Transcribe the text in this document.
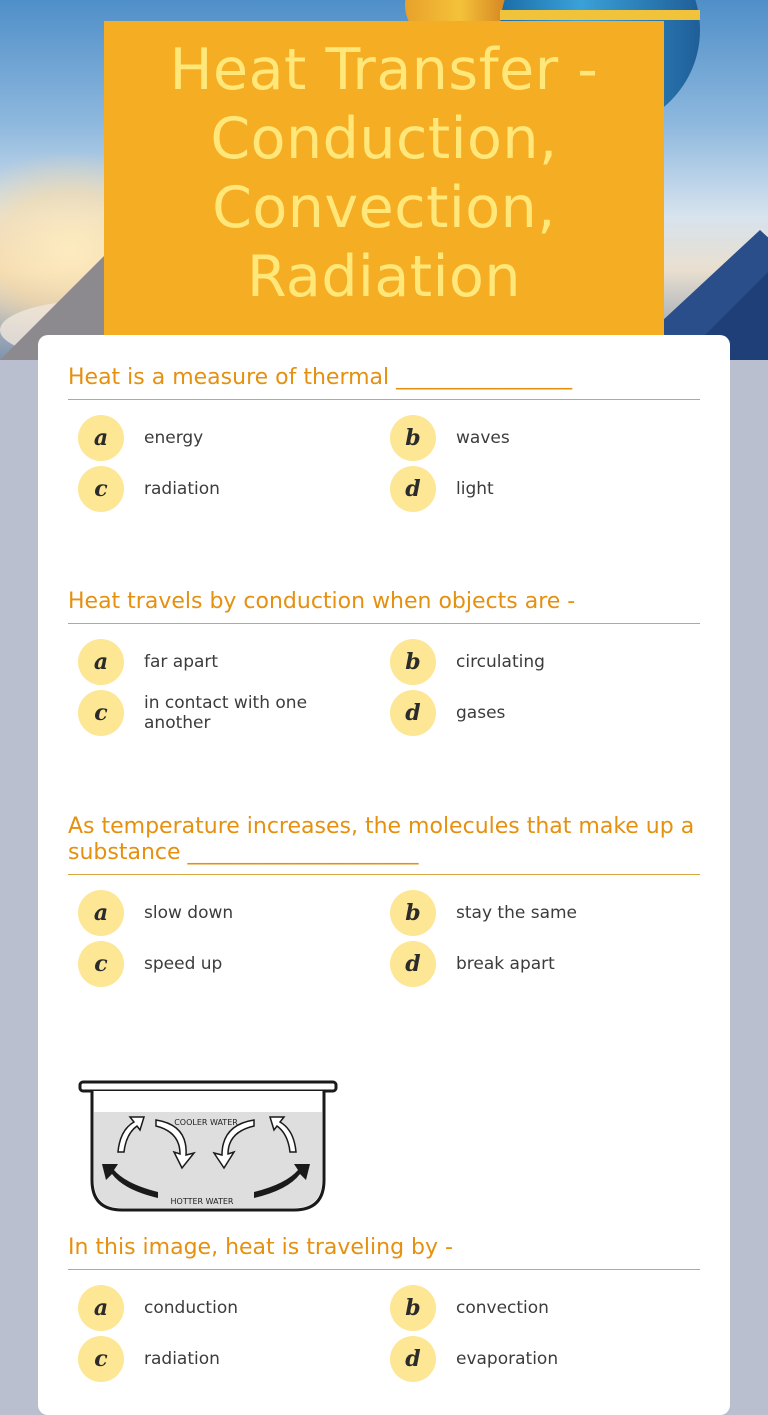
Heat Transfer - Conduction, Convection, Radiation

Heat is a measure of thermal ________________

a	energy	b	waves
c	radiation	d	light

Heat travels by conduction when objects are -

a	far apart	b	circulating
c	in contact with one another	d	gases

As temperature increases, the molecules that make up a substance _____________________

a	slow down	b	stay the same
c	speed up	d	break apart
COOLER WATER
HOTTER WATER

In this image, heat is traveling by -

a	conduction	b	convection
c	radiation	d	evaporation
